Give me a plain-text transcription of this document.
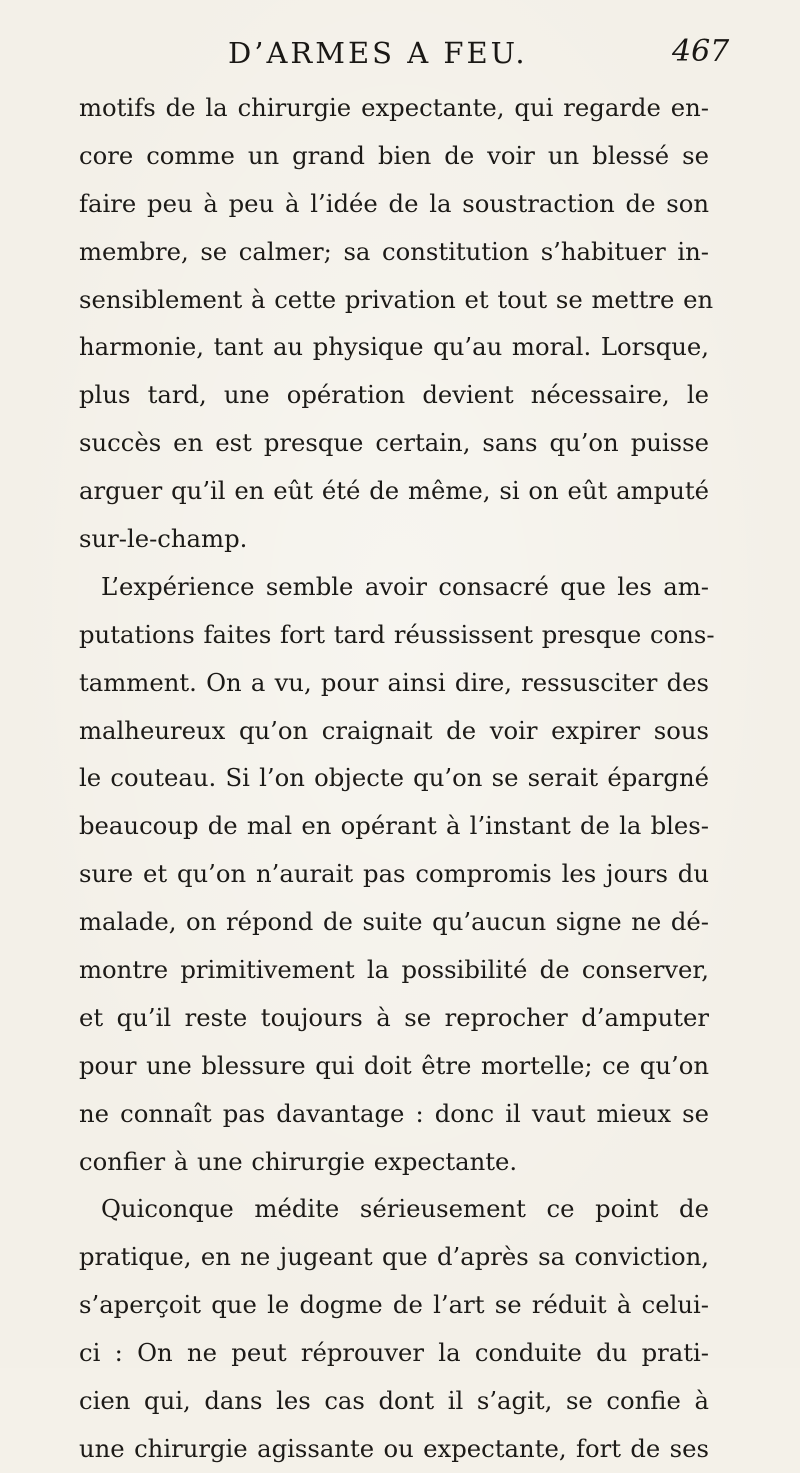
D’ARMES A FEU.	467
motifs de la chirurgie expectante, qui regarde en-
core comme un grand bien de voir un blessé se
faire peu à peu à l’idée de la soustraction de son
membre, se calmer; sa constitution s’habituer in-
sensiblement à cette privation et tout se mettre en
harmonie, tant au physique qu’au moral. Lorsque,
plus tard, une opération devient nécessaire, le
succès en est presque certain, sans qu’on puisse
arguer qu’il en eût été de même, si on eût amputé
sur-le-champ.
L’expérience semble avoir consacré que les am-
putations faites fort tard réussissent presque cons-
tamment. On a vu, pour ainsi dire, ressusciter des
malheureux qu’on craignait de voir expirer sous
le couteau. Si l’on objecte qu’on se serait épargné
beaucoup de mal en opérant à l’instant de la bles-
sure et qu’on n’aurait pas compromis les jours du
malade, on répond de suite qu’aucun signe ne dé-
montre primitivement la possibilité de conserver,
et qu’il reste toujours à se reprocher d’amputer
pour une blessure qui doit être mortelle; ce qu’on
ne connaît pas davantage : donc il vaut mieux se
confier à une chirurgie expectante.
Quiconque médite sérieusement ce point de
pratique, en ne jugeant que d’après sa conviction,
s’aperçoit que le dogme de l’art se réduit à celui-
ci : On ne peut réprouver la conduite du prati-
cien qui, dans les cas dont il s’agit, se confie à
une chirurgie agissante ou expectante, fort de ses
